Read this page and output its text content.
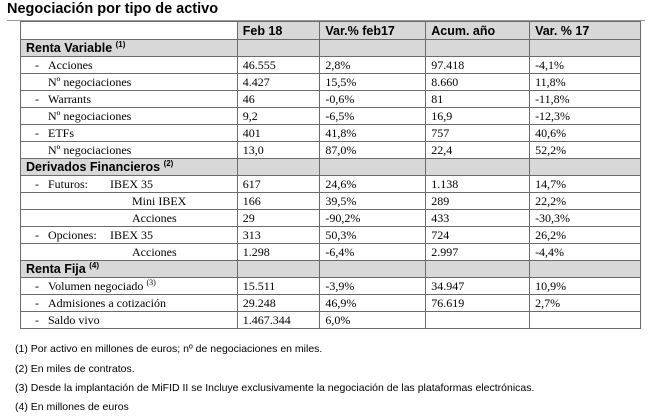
Negociación por tipo de activo
	Feb 18	Var.% feb17	Acum. año	Var. % 17
Renta Variable $^{(1)}$				
- Acciones	46.555	2,8%	97.418	-4,1%
Nº negociaciones	4.427	15,5%	8.660	11,8%
- Warrants	46	-0,6%	81	-11,8%
Nº negociaciones	9,2	-6,5%	16,9	-12,3%
- ETFs	401	41,8%	757	40,6%
Nº negociaciones	13,0	87,0%	22,4	52,2%
Derivados Financieros $^{(2)}$				
- Futuros: IBEX 35	617	24,6%	1.138	14,7%
Mini IBEX	166	39,5%	289	22,2%
Acciones	29	-90,2%	433	-30,3%
- Opciones: IBEX 35	313	50,3%	724	26,2%
Acciones	1.298	-6,4%	2.997	-4,4%
Renta Fija $^{(4)}$				
- Volumen negociado $^{(3)}$	15.511	-3,9%	34.947	10,9%
- Admisiones a cotización	29.248	46,9%	76.619	2,7%
- Saldo vivo	1.467.344	6,0%		
(1) Por activo en millones de euros; nº de negociaciones en miles.
(2) En miles de contratos.
(3) Desde la implantación de MiFID II se Incluye exclusivamente la negociación de las plataformas electrónicas.
(4) En millones de euros
